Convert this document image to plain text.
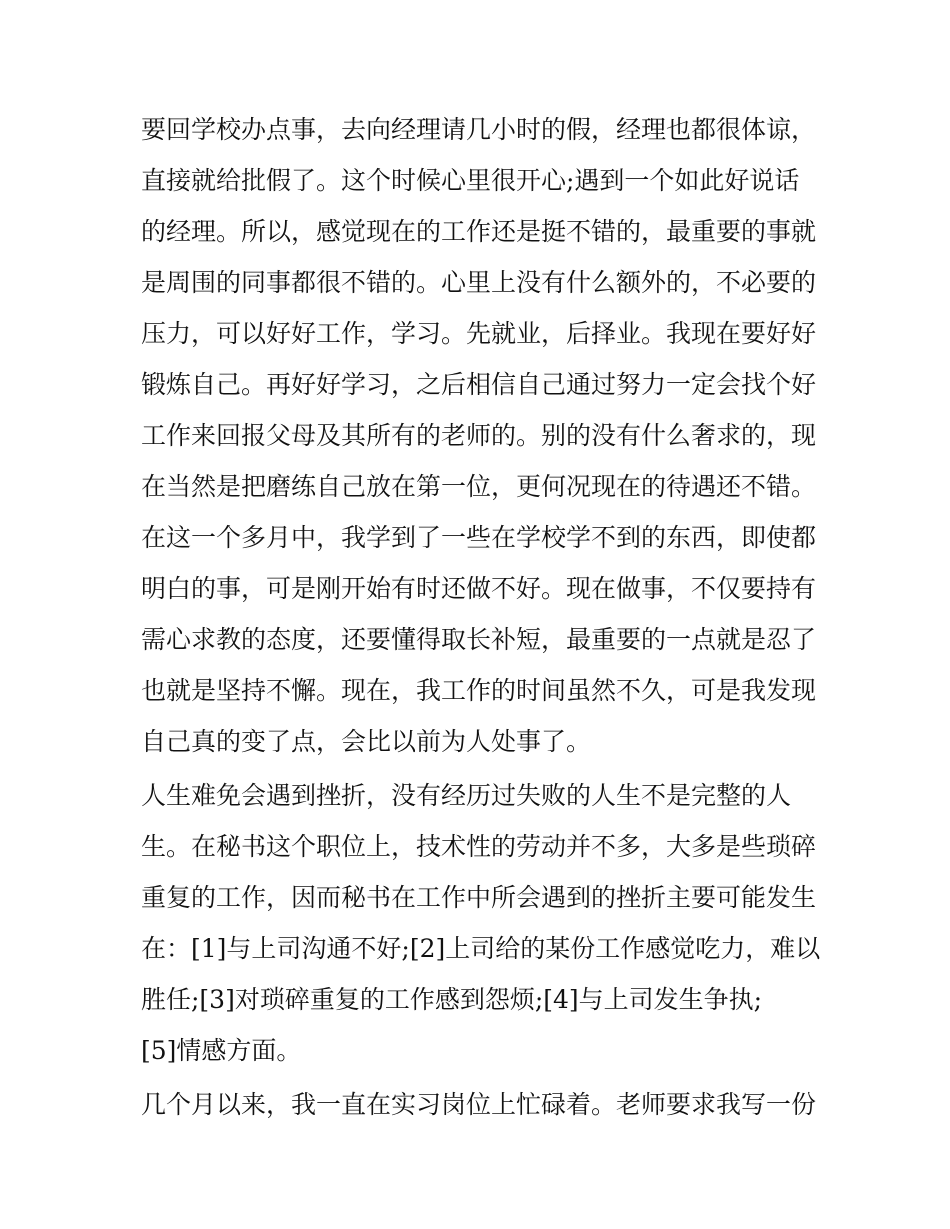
要回学校办点事，去向经理请几小时的假，经理也都很体谅，
直接就给批假了。这个时候心里很开心;遇到一个如此好说话
的经理。所以，感觉现在的工作还是挺不错的，最重要的事就
是周围的同事都很不错的。心里上没有什么额外的，不必要的
压力，可以好好工作，学习。先就业，后择业。我现在要好好
锻炼自己。再好好学习，之后相信自己通过努力一定会找个好
工作来回报父母及其所有的老师的。别的没有什么奢求的，现
在当然是把磨练自己放在第一位，更何况现在的待遇还不错。
在这一个多月中，我学到了一些在学校学不到的东西，即使都
明白的事，可是刚开始有时还做不好。现在做事，不仅要持有
需心求教的态度，还要懂得取长补短，最重要的一点就是忍了
也就是坚持不懈。现在，我工作的时间虽然不久，可是我发现
自己真的变了点，会比以前为人处事了。
人生难免会遇到挫折，没有经历过失败的人生不是完整的人
生。在秘书这个职位上，技术性的劳动并不多，大多是些琐碎
重复的工作，因而秘书在工作中所会遇到的挫折主要可能发生
在：[1]与上司沟通不好;[2]上司给的某份工作感觉吃力，难以
胜任;[3]对琐碎重复的工作感到怨烦;[4]与上司发生争执;
[5]情感方面。
几个月以来，我一直在实习岗位上忙碌着。老师要求我写一份
